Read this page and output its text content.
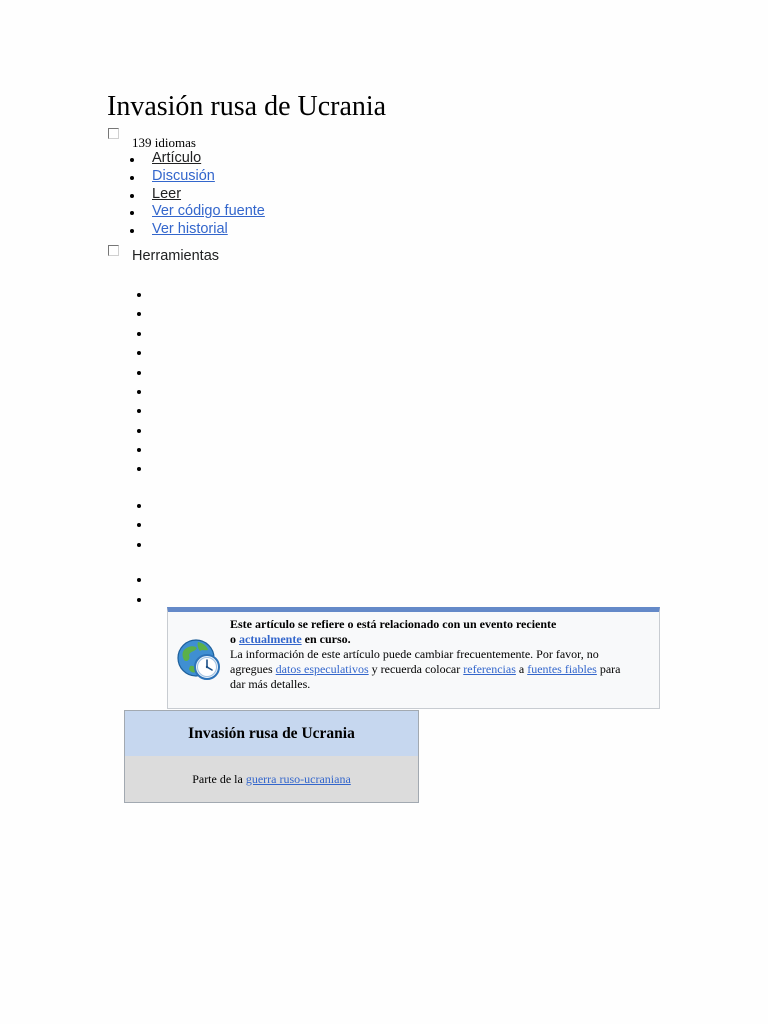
Invasión rusa de Ucrania
139 idiomas
Artículo
Discusión
Leer
Ver código fuente
Ver historial
Herramientas
Este artículo se refiere o está relacionado con un evento reciente
o actualmente en curso.
La información de este artículo puede cambiar frecuentemente. Por favor, no
agregues datos especulativos y recuerda colocar referencias a fuentes fiables para
dar más detalles.
Invasión rusa de Ucrania
Parte de la guerra ruso-ucraniana
